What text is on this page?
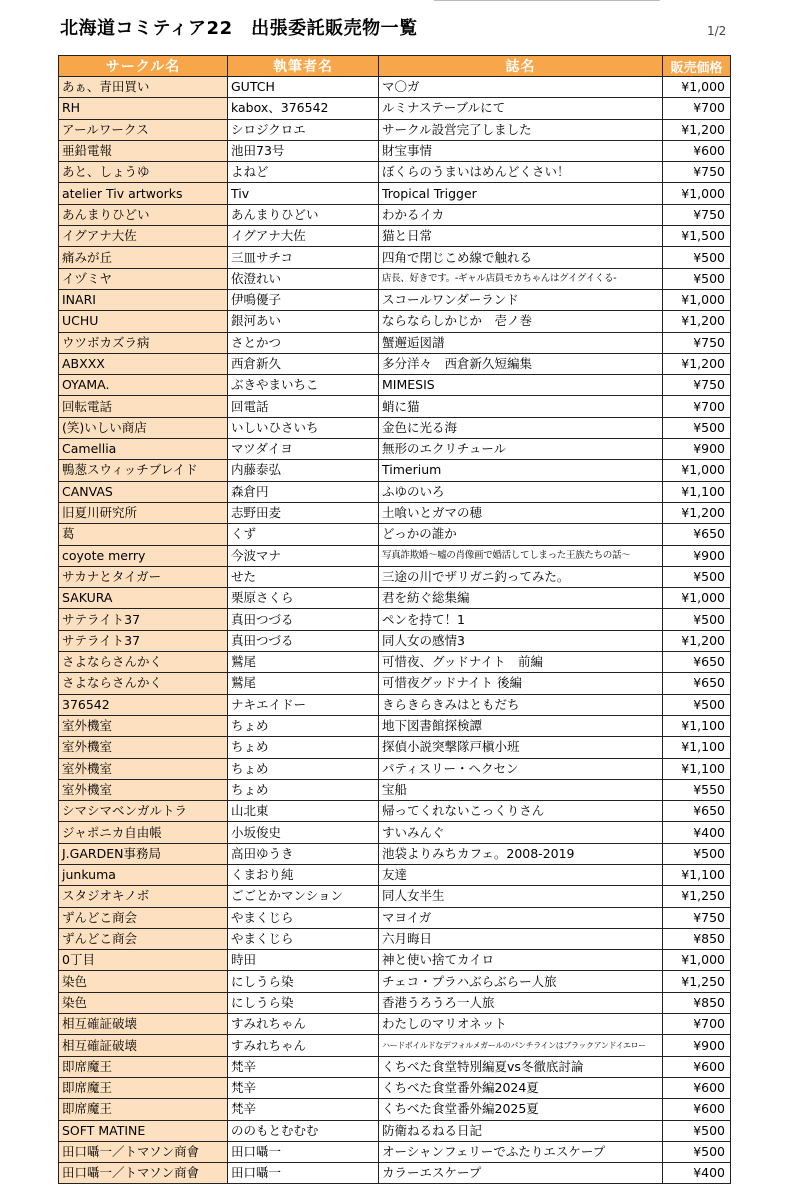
北海道コミティア22　出張委託販売物一覧	1/2
サークル名	執筆者名	誌名	販売価格
あぁ、青田買い	GUTCH	マ〇ガ	¥1,000
RH	kabox、376542	ルミナステーブルにて	¥700
アールワークス	シロジクロエ	サークル設営完了しました	¥1,200
亜鉛電報	池田73号	財宝事情	¥600
あと、しょうゆ	よねど	ぼくらのうまいはめんどくさい！	¥750
atelier Tiv artworks	Tiv	Tropical Trigger	¥1,000
あんまりひどい	あんまりひどい	わかるイカ	¥750
イグアナ大佐	イグアナ大佐	猫と日常	¥1,500
痛みが丘	三皿サチコ	四角で閉じこめ線で触れる	¥500
イヅミヤ	依澄れい	店長、好きです。-ギャル店員モカちゃんはグイグイくる-	¥500
INARI	伊鳴優子	スコールワンダーランド	¥1,000
UCHU	銀河あい	ならならしかじか　壱ノ巻	¥1,200
ウツボカズラ病	さとかつ	蟹邂逅図譜	¥750
ABXXX	西倉新久	多分洋々　西倉新久短編集	¥1,200
OYAMA.	ぶきやまいちこ	MIMESIS	¥750
回転電話	回電話	蛸に猫	¥700
(笑)いしい商店	いしいひさいち	金色に光る海	¥500
Camellia	マツダイヨ	無形のエクリチュール	¥900
鴨葱スウィッチブレイド	内藤泰弘	Timerium	¥1,000
CANVAS	森倉円	ふゆのいろ	¥1,100
旧夏川研究所	志野田麦	土喰いとガマの穂	¥1,200
葛	くず	どっかの誰か	¥650
coyote merry	今波マナ	写真詐欺婚～嘘の肖像画で婚活してしまった王族たちの話～	¥900
サカナとタイガー	せた	三途の川でザリガニ釣ってみた。	¥500
SAKURA	栗原さくら	君を紡ぐ総集編	¥1,000
サテライト37	真田つづる	ペンを持て！1	¥500
サテライト37	真田つづる	同人女の感情3	¥1,200
さよならさんかく	鷲尾	可惜夜、グッドナイト　前編	¥650
さよならさんかく	鷲尾	可惜夜グッドナイト 後編	¥650
376542	ナキエイドー	きらきらきみはともだち	¥500
室外機室	ちょめ	地下図書館探検譚	¥1,100
室外機室	ちょめ	探偵小説突撃隊戸槇小班	¥1,100
室外機室	ちょめ	パティスリー・ヘクセン	¥1,100
室外機室	ちょめ	宝船	¥550
シマシマベンガルトラ	山北東	帰ってくれないこっくりさん	¥650
ジャポニカ自由帳	小坂俊史	すいみんぐ	¥400
J.GARDEN事務局	高田ゆうき	池袋よりみちカフェ。2008-2019	¥500
junkuma	くまおり純	友達	¥1,100
スタジオキノボ	ごごとかマンション	同人女半生	¥1,250
ずんどこ商会	やまくじら	マヨイガ	¥750
ずんどこ商会	やまくじら	六月晦日	¥850
0丁目	時田	神と使い捨てカイロ	¥1,000
染色	にしうら染	チェコ・プラハぶらぶらー人旅	¥1,250
染色	にしうら染	香港うろうろ一人旅	¥850
相互確証破壊	すみれちゃん	わたしのマリオネット	¥700
相互確証破壊	すみれちゃん	ハードボイルドなデフォルメガールのパンチラインはブラックアンドイエロー	¥900
即席魔王	梵辛	くちべた食堂特別編夏vs冬徹底討論	¥600
即席魔王	梵辛	くちべた食堂番外編2024夏	¥600
即席魔王	梵辛	くちべた食堂番外編2025夏	¥600
SOFT MATINE	ののもとむむむ	防衛ねるねる日記	¥500
田口囁一／トマソン商會	田口囁一	オーシャンフェリーでふたりエスケープ	¥500
田口囁一／トマソン商會	田口囁一	カラーエスケープ	¥400
